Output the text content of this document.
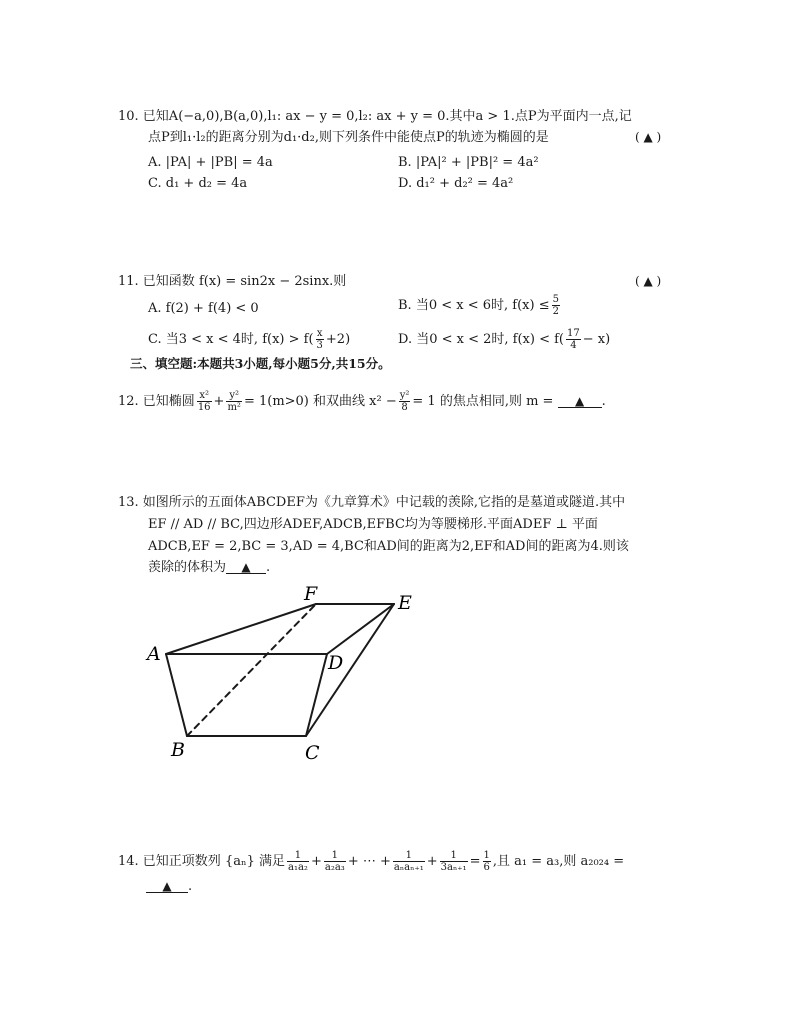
10. 已知A(−a,0),B(a,0),l₁: ax − y = 0,l₂: ax + y = 0.其中a > 1.点P为平面内一点,记
点P到l₁·l₂的距离分别为d₁·d₂,则下列条件中能使点P的轨迹为椭圆的是	( ▲ )
A. |PA| + |PB| = 4a	B. |PA|² + |PB|² = 4a²
C. d₁ + d₂ = 4a	D. d₁² + d₂² = 4a²
11. 已知函数 f(x) = sin2x − 2sinx.则	( ▲ )
A. f(2) + f(4) < 0	B. 当0 < x < 6时, $f(x) \le \frac{5}{2}$
C. 当3 < x < 4时, $f(x) > f( \frac{x}{3} +2)$	D. 当0 < x < 2时, $f(x) < f( \frac{17}{4} - x)$
三、填空题:本题共3小题,每小题5分,共15分。
12. 已知椭圆 $\frac{\text{x²}}{16} + \frac{\text{y²}}{\text{m²}} = 1(m>0)$ 和双曲线 $x^2 - \frac{\text{y²}}{8} = 1$ 的焦点相同,则 m = ▲ .
13. 如图所示的五面体ABCDEF为《九章算术》中记载的羡除,它指的是墓道或隧道.其中
EF // AD // BC,四边形ADEF,ADCB,EFBC均为等腰梯形.平面ADEF ⊥ 平面
ADCB,EF = 2,BC = 3,AD = 4,BC和AD间的距离为2,EF和AD间的距离为4.则该
羡除的体积为 ▲ .
F	E
A	D
B	C
14. 已知正项数列 {aₙ} 满足 $\frac{1}{\text{a₁a₂}} + \frac{1}{\text{a₂a₃}}$ + ⋯ + $\frac{1}{\text{aₙaₙ₊₁}} + \frac{1}{\text{3aₙ₊₁}} = \frac{1}{6}$ ,且 a₁ = a₃,则 a₂₀₂₄ =
▲ .
